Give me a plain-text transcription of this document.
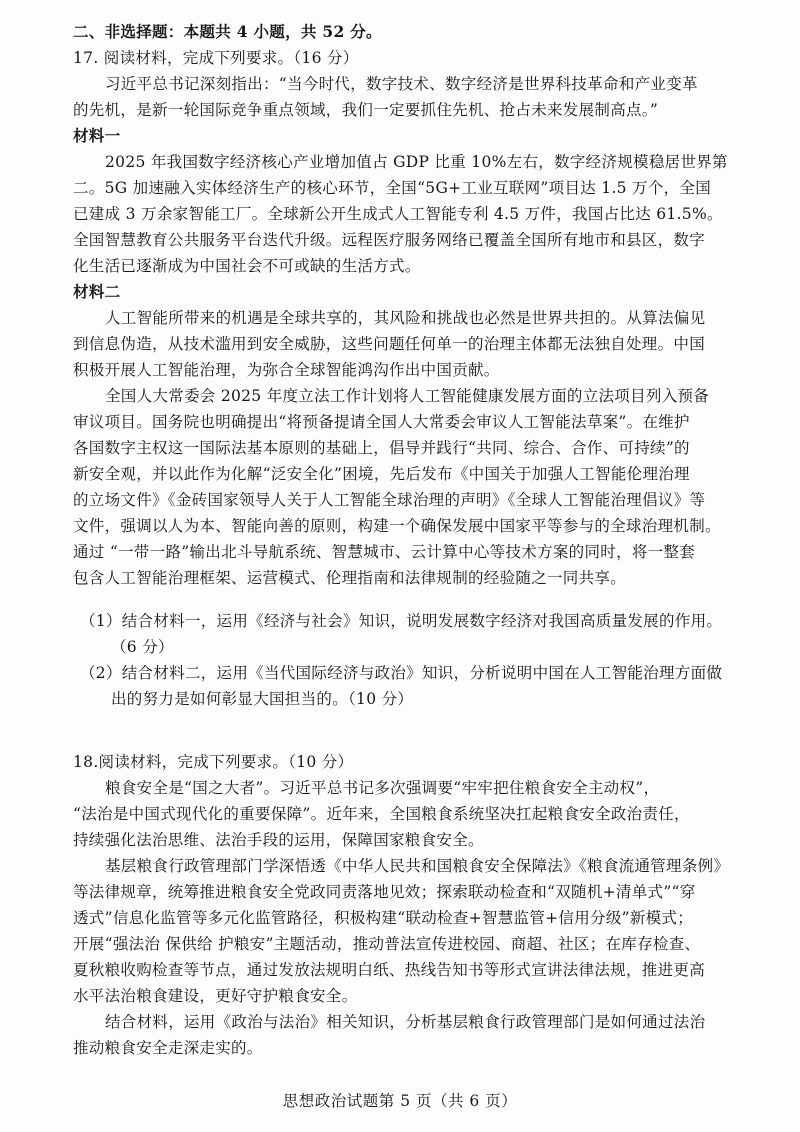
二、非选择题：本题共 4 小题，共 52 分。
17. 阅读材料，完成下列要求。（16 分）
习近平总书记深刻指出：“当今时代，数字技术、数字经济是世界科技革命和产业变革
的先机，是新一轮国际竞争重点领域，我们一定要抓住先机、抢占未来发展制高点。”
材料一
2025 年我国数字经济核心产业增加值占 GDP 比重 10%左右，数字经济规模稳居世界第
二。5G 加速融入实体经济生产的核心环节，全国“5G+工业互联网”项目达 1.5 万个，全国
已建成 3 万余家智能工厂。全球新公开生成式人工智能专利 4.5 万件，我国占比达 61.5%。
全国智慧教育公共服务平台迭代升级。远程医疗服务网络已覆盖全国所有地市和县区，数字
化生活已逐渐成为中国社会不可或缺的生活方式。
材料二
人工智能所带来的机遇是全球共享的，其风险和挑战也必然是世界共担的。从算法偏见
到信息伪造，从技术滥用到安全威胁，这些问题任何单一的治理主体都无法独自处理。中国
积极开展人工智能治理，为弥合全球智能鸿沟作出中国贡献。
全国人大常委会 2025 年度立法工作计划将人工智能健康发展方面的立法项目列入预备
审议项目。国务院也明确提出“将预备提请全国人大常委会审议人工智能法草案”。在维护
各国数字主权这一国际法基本原则的基础上，倡导并践行“共同、综合、合作、可持续”的
新安全观，并以此作为化解“泛安全化”困境，先后发布《中国关于加强人工智能伦理治理
的立场文件》《金砖国家领导人关于人工智能全球治理的声明》《全球人工智能治理倡议》等
文件，强调以人为本、智能向善的原则，构建一个确保发展中国家平等参与的全球治理机制。
通过 “一带一路”输出北斗导航系统、智慧城市、云计算中心等技术方案的同时，将一整套
包含人工智能治理框架、运营模式、伦理指南和法律规制的经验随之一同共享。
（1）结合材料一，运用《经济与社会》知识，说明发展数字经济对我国高质量发展的作用。
（6 分）
（2）结合材料二，运用《当代国际经济与政治》知识，分析说明中国在人工智能治理方面做
出的努力是如何彰显大国担当的。（10 分）
18.阅读材料，完成下列要求。（10 分）
粮食安全是“国之大者”。习近平总书记多次强调要“牢牢把住粮食安全主动权”，
“法治是中国式现代化的重要保障”。近年来，全国粮食系统坚决扛起粮食安全政治责任，
持续强化法治思维、法治手段的运用，保障国家粮食安全。
基层粮食行政管理部门学深悟透《中华人民共和国粮食安全保障法》《粮食流通管理条例》
等法律规章，统筹推进粮食安全党政同责落地见效；探索联动检查和“双随机+清单式”“穿
透式”信息化监管等多元化监管路径，积极构建“联动检查+智慧监管+信用分级”新模式；
开展“强法治 保供给 护粮安”主题活动，推动普法宣传进校园、商超、社区；在库存检查、
夏秋粮收购检查等节点，通过发放法规明白纸、热线告知书等形式宣讲法律法规，推进更高
水平法治粮食建设，更好守护粮食安全。
结合材料，运用《政治与法治》相关知识，分析基层粮食行政管理部门是如何通过法治
推动粮食安全走深走实的。
思想政治试题第 5 页（共 6 页）
